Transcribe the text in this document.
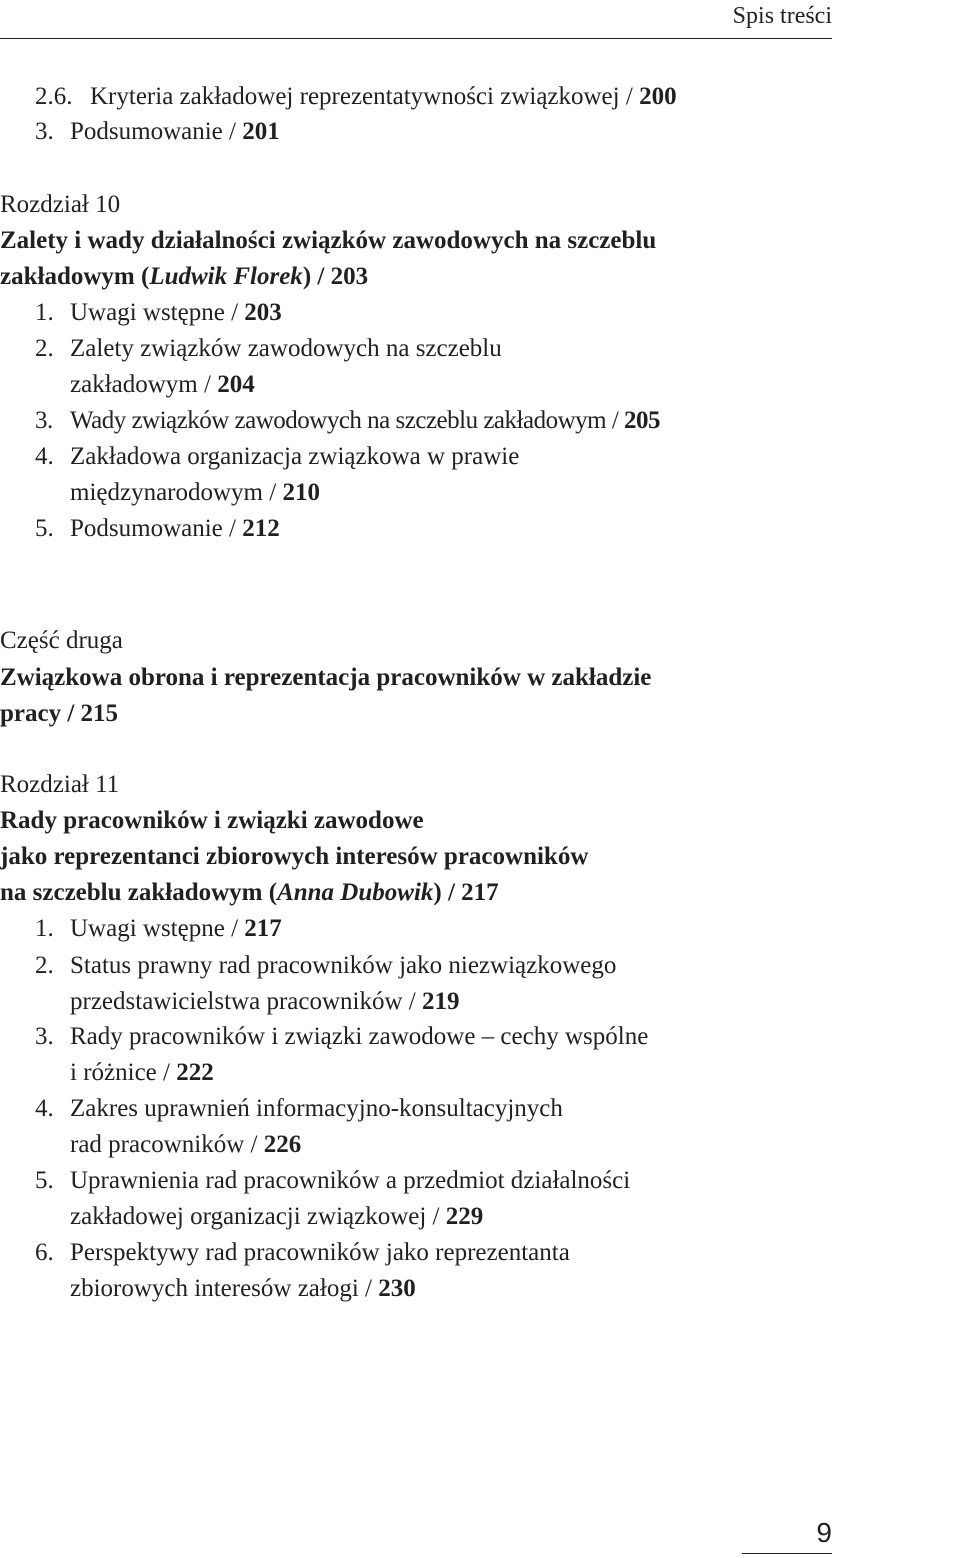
Spis treści
2.6. Kryteria zakładowej reprezentatywności związkowej / 200
3. Podsumowanie / 201
Rozdział 10
Zalety i wady działalności związków zawodowych na szczeblu
zakładowym (Ludwik Florek) / 203
1. Uwagi wstępne / 203
2. Zalety związków zawodowych na szczeblu
zakładowym / 204
3. Wady związków zawodowych na szczeblu zakładowym / 205
4. Zakładowa organizacja związkowa w prawie
międzynarodowym / 210
5. Podsumowanie / 212
Część druga
Związkowa obrona i reprezentacja pracowników w zakładzie
pracy / 215
Rozdział 11
Rady pracowników i związki zawodowe
jako reprezentanci zbiorowych interesów pracowników
na szczeblu zakładowym (Anna Dubowik) / 217
1. Uwagi wstępne / 217
2. Status prawny rad pracowników jako niezwiązkowego
przedstawicielstwa pracowników / 219
3. Rady pracowników i związki zawodowe – cechy wspólne
i różnice / 222
4. Zakres uprawnień informacyjno-konsultacyjnych
rad pracowników / 226
5. Uprawnienia rad pracowników a przedmiot działalności
zakładowej organizacji związkowej / 229
6. Perspektywy rad pracowników jako reprezentanta
zbiorowych interesów załogi / 230
9
